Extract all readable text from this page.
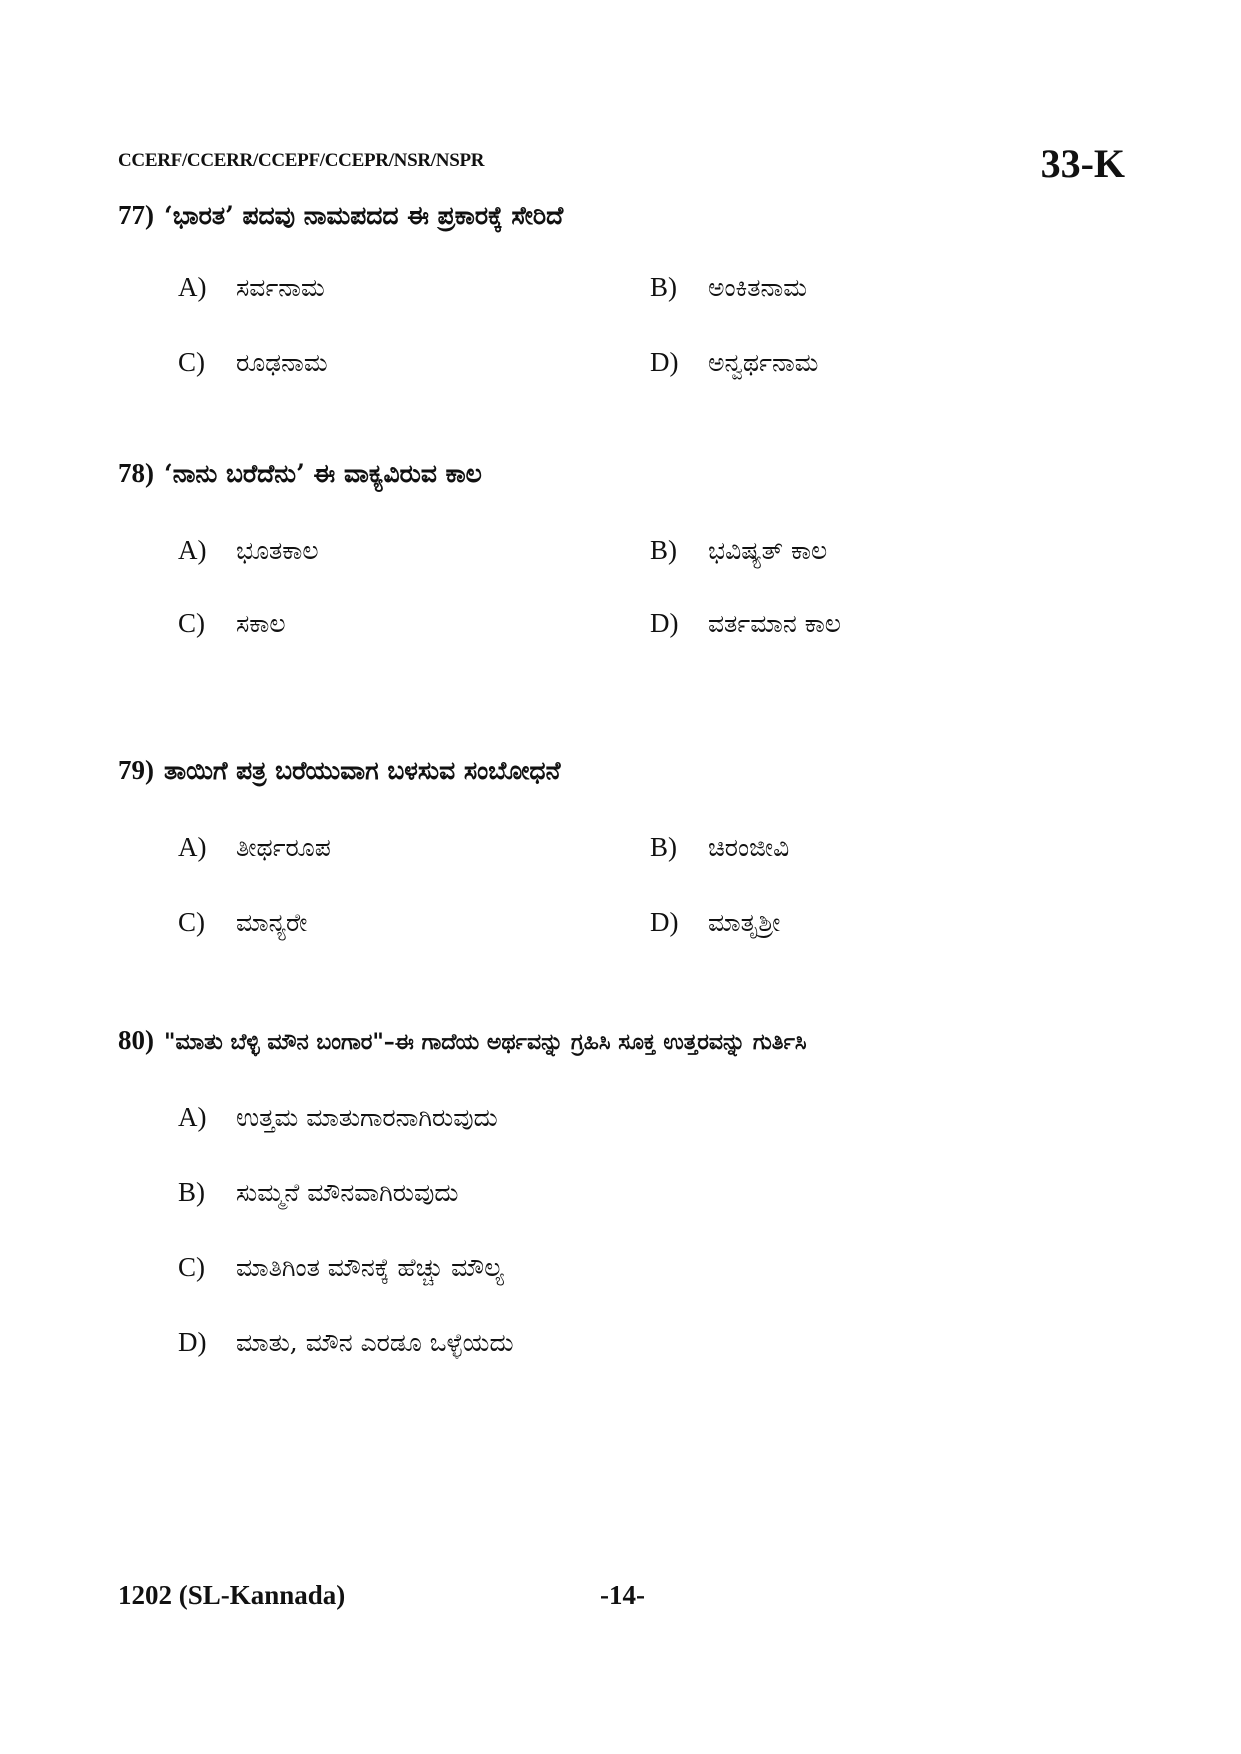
CCERF/CCERR/CCEPF/CCEPR/NSR/NSPR	33-K
77) ‘ಭಾರತ’ ಪದವು ನಾಮಪದದ ಈ ಪ್ರಕಾರಕ್ಕೆ ಸೇರಿದೆ
A) ಸರ್ವನಾಮ	B) ಅಂಕಿತನಾಮ
C) ರೂಢನಾಮ	D) ಅನ್ವರ್ಥನಾಮ
78) ‘ನಾನು ಬರೆದೆನು’ ಈ ವಾಕ್ಯವಿರುವ ಕಾಲ
A) ಭೂತಕಾಲ	B) ಭವಿಷ್ಯತ್ ಕಾಲ
C) ಸಕಾಲ	D) ವರ್ತಮಾನ ಕಾಲ
79) ತಾಯಿಗೆ ಪತ್ರ ಬರೆಯುವಾಗ ಬಳಸುವ ಸಂಬೋಧನೆ
A) ತೀರ್ಥರೂಪ	B) ಚಿರಂಜೀವಿ
C) ಮಾನ್ಯರೇ	D) ಮಾತೃಶ್ರೀ
80) "ಮಾತು ಬೆಳ್ಳಿ ಮೌನ ಬಂಗಾರ"–ಈ ಗಾದೆಯ ಅರ್ಥವನ್ನು ಗ್ರಹಿಸಿ ಸೂಕ್ತ ಉತ್ತರವನ್ನು ಗುರ್ತಿಸಿ
A) ಉತ್ತಮ ಮಾತುಗಾರನಾಗಿರುವುದು
B) ಸುಮ್ಮನೆ ಮೌನವಾಗಿರುವುದು
C) ಮಾತಿಗಿಂತ ಮೌನಕ್ಕೆ ಹೆಚ್ಚು ಮೌಲ್ಯ
D) ಮಾತು, ಮೌನ ಎರಡೂ ಒಳ್ಳೆಯದು
1202 (SL-Kannada)	-14-
